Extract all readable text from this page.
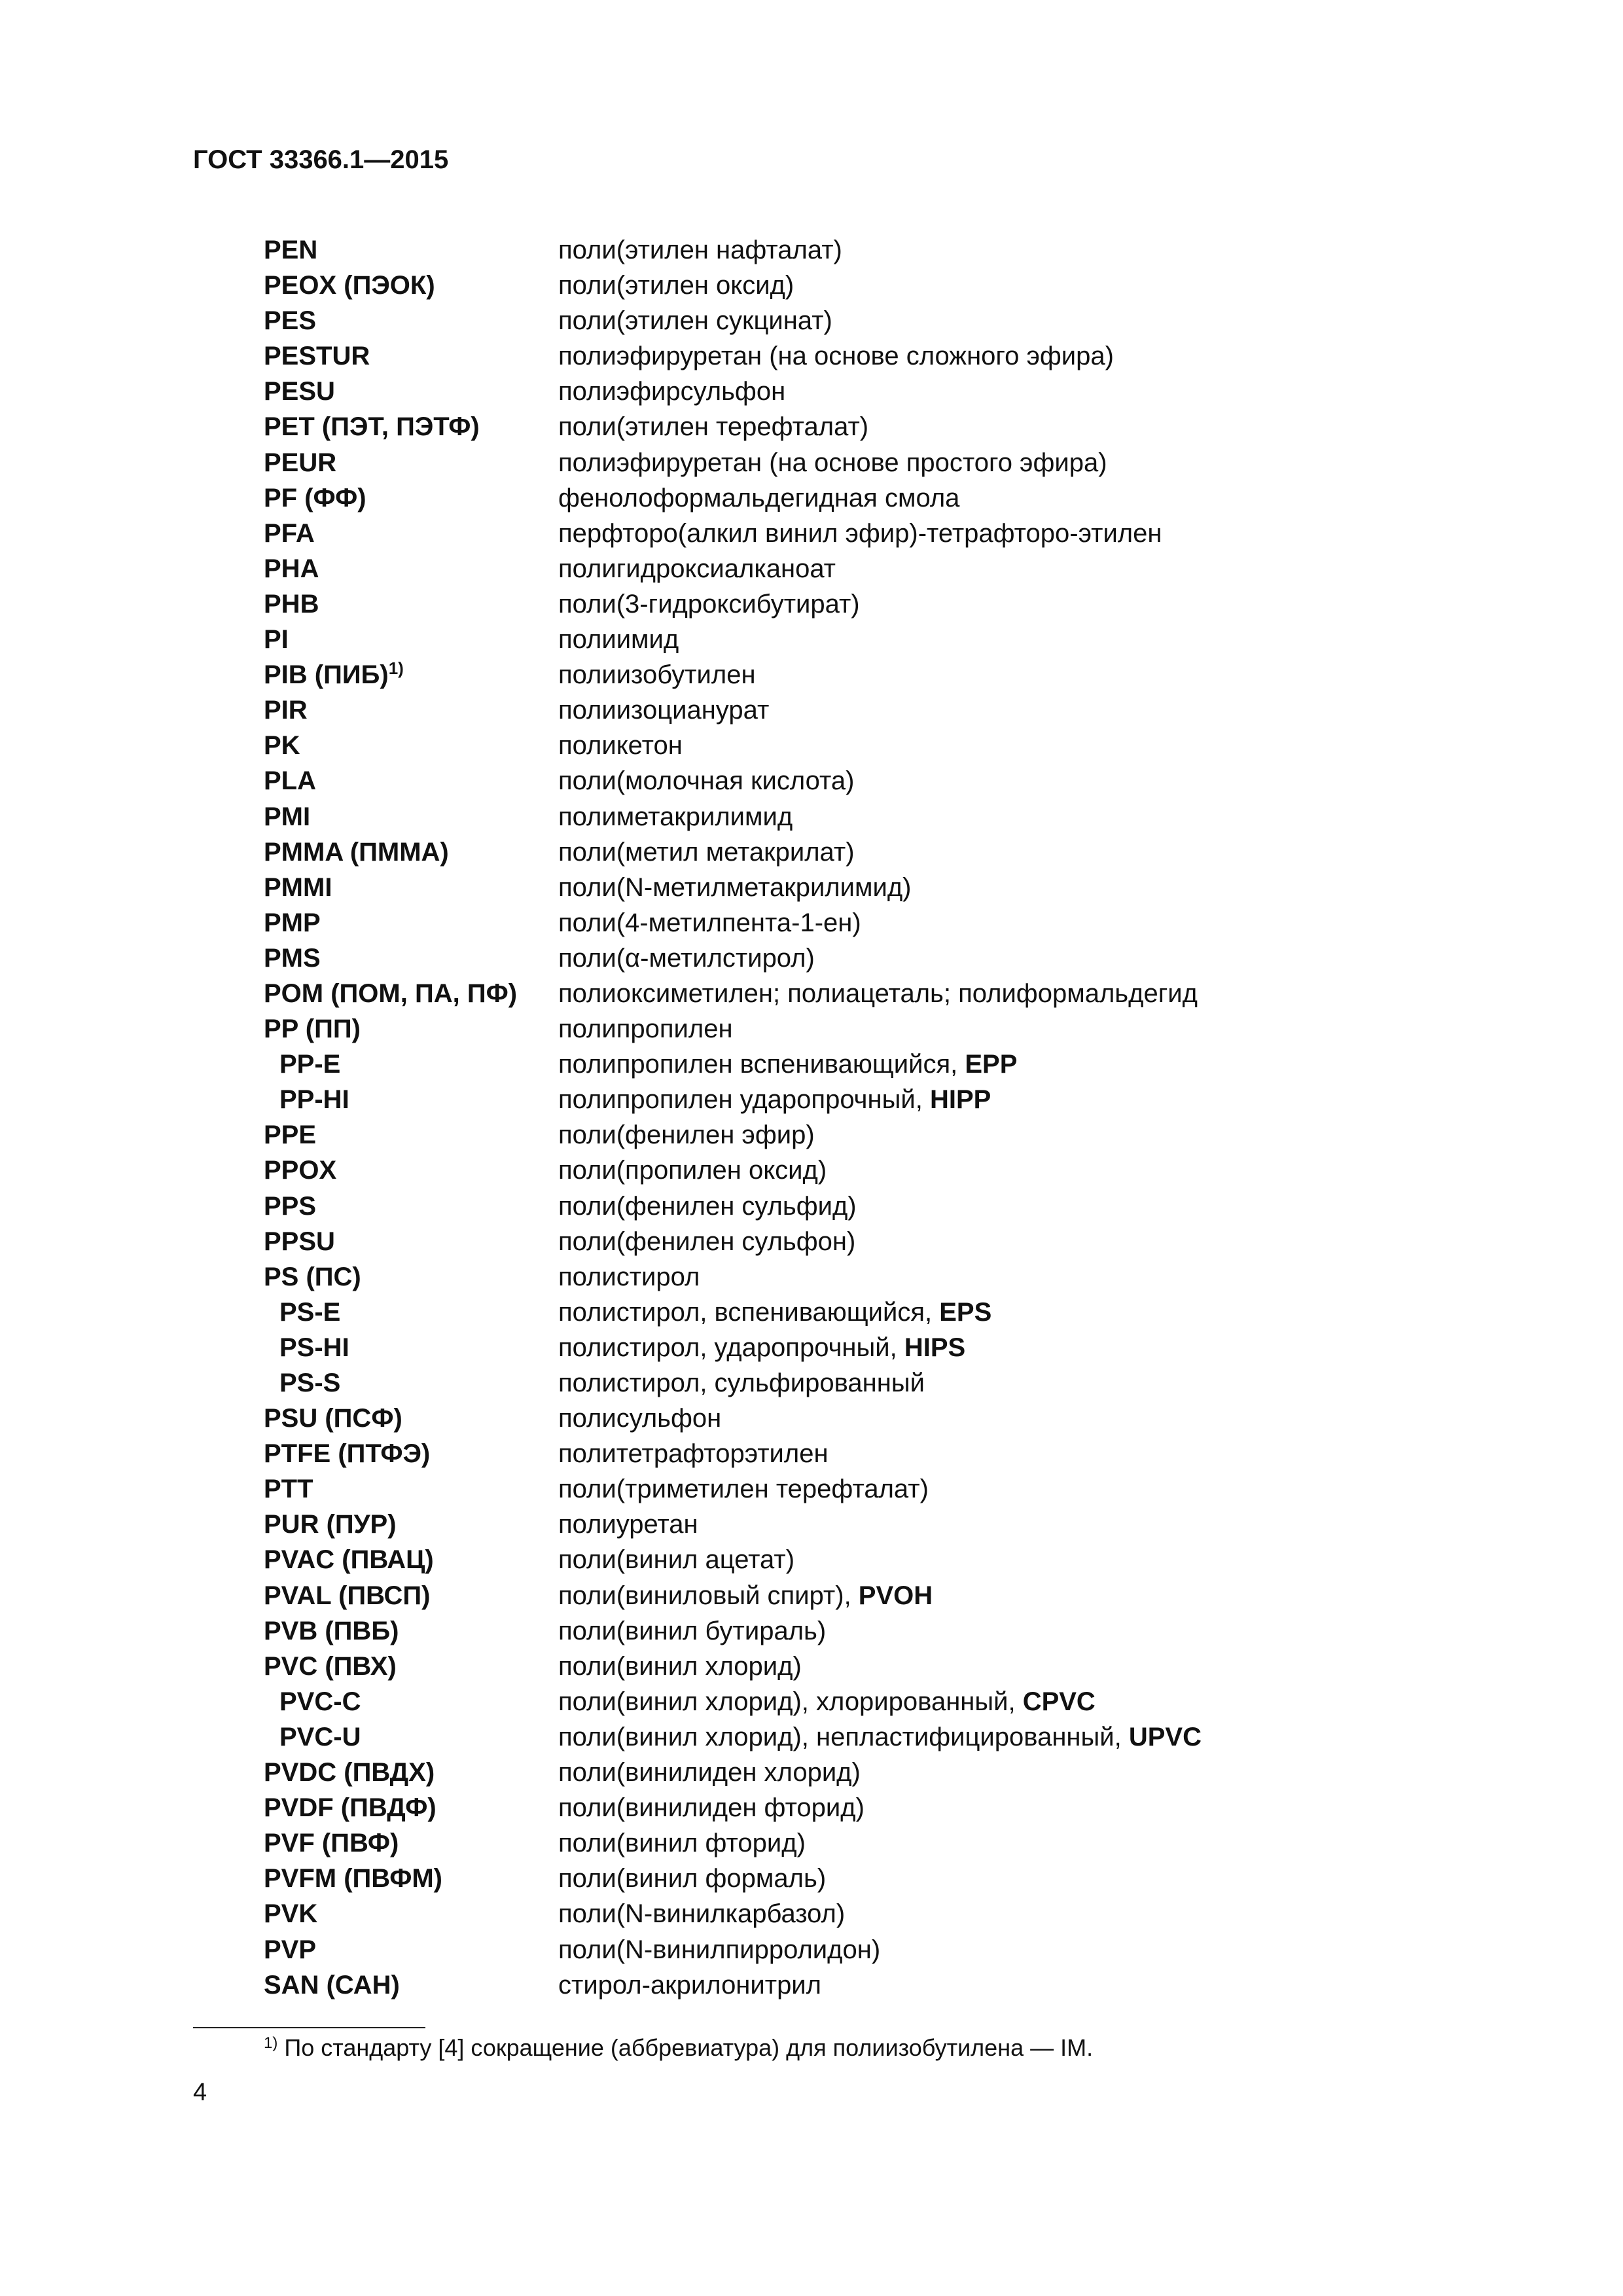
ГОСТ 33366.1—2015
PEN	поли(этилен нафталат)
PEOX (ПЭОК)	поли(этилен оксид)
PES	поли(этилен сукцинат)
PESTUR	полиэфируретан (на основе сложного эфира)
PESU	полиэфирсульфон
PET (ПЭТ, ПЭТФ)	поли(этилен терефталат)
PEUR	полиэфируретан (на основе простого эфира)
PF (ФФ)	фенолоформальдегидная смола
PFA	перфторо(алкил винил эфир)-тетрафторо-этилен
PHA	полигидроксиалканоат
PHB	поли(3-гидроксибутират)
PI	полиимид
PIB (ПИБ)$^{1)}$	полиизобутилен
PIR	полиизоцианурат
PK	поликетон
PLA	поли(молочная кислота)
PMI	полиметакрилимид
PMMA (ПММА)	поли(метил метакрилат)
PMMI	поли(N-метилметакрилимид)
PMP	поли(4-метилпента-1-ен)
PMS	поли(α-метилстирол)
POM (ПОМ, ПА, ПФ)	полиоксиметилен; полиацеталь; полиформальдегид
PP (ПП)	полипропилен
PP-E	полипропилен вспенивающийся, EPP
PP-HI	полипропилен ударопрочный, HIPP
PPE	поли(фенилен эфир)
PPOX	поли(пропилен оксид)
PPS	поли(фенилен сульфид)
PPSU	поли(фенилен сульфон)
PS (ПС)	полистирол
PS-E	полистирол, вспенивающийся, EPS
PS-HI	полистирол, ударопрочный, HIPS
PS-S	полистирол, сульфированный
PSU (ПСФ)	полисульфон
PTFE (ПТФЭ)	политетрафторэтилен
PTT	поли(триметилен терефталат)
PUR (ПУР)	полиуретан
PVAC (ПВАЦ)	поли(винил ацетат)
PVAL (ПВСП)	поли(виниловый спирт), PVOH
PVB (ПВБ)	поли(винил бутираль)
PVC (ПВХ)	поли(винил хлорид)
PVC-C	поли(винил хлорид), хлорированный, CPVC
PVC-U	поли(винил хлорид), непластифицированный, UPVC
PVDC (ПВДХ)	поли(винилиден хлорид)
PVDF (ПВДФ)	поли(винилиден фторид)
PVF (ПВФ)	поли(винил фторид)
PVFM (ПВФМ)	поли(винил формаль)
PVK	поли(N-винилкарбазол)
PVP	поли(N-винилпирролидон)
SAN (САН)	стирол-акрилонитрил
$^{1)}$ По стандарту [4] сокращение (аббревиатура) для полиизобутилена — IM.
4
